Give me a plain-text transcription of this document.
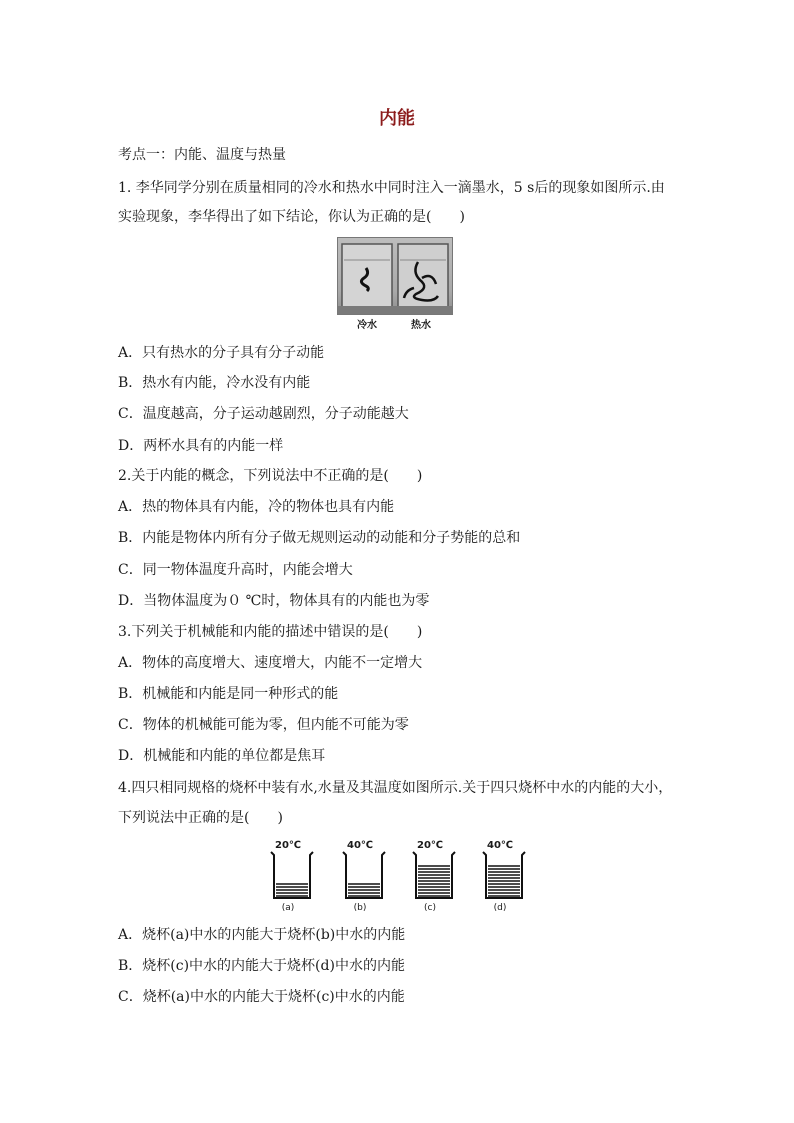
内能
考点一：内能、温度与热量
1. 李华同学分别在质量相同的冷水和热水中同时注入一滴墨水，5 s后的现象如图所示.由
实验现象，李华得出了如下结论，你认为正确的是(　　)
冷水	热水
A．只有热水的分子具有分子动能
B．热水有内能，冷水没有内能
C．温度越高，分子运动越剧烈，分子动能越大
D．两杯水具有的内能一样
2.关于内能的概念，下列说法中不正确的是(　　)
A．热的物体具有内能，冷的物体也具有内能
B．内能是物体内所有分子做无规则运动的动能和分子势能的总和
C．同一物体温度升高时，内能会增大
D．当物体温度为０ ℃时，物体具有的内能也为零
3.下列关于机械能和内能的描述中错误的是(　　)
A．物体的高度增大、速度增大，内能不一定增大
B．机械能和内能是同一种形式的能
C．物体的机械能可能为零，但内能不可能为零
D．机械能和内能的单位都是焦耳
4.四只相同规格的烧杯中装有水,水量及其温度如图所示.关于四只烧杯中水的内能的大小，
下列说法中正确的是(　　)
20℃	40℃	20℃	40℃
(a)	(b)	(c)	(d)
A．烧杯(a)中水的内能大于烧杯(b)中水的内能
B．烧杯(c)中水的内能大于烧杯(d)中水的内能
C．烧杯(a)中水的内能大于烧杯(c)中水的内能
